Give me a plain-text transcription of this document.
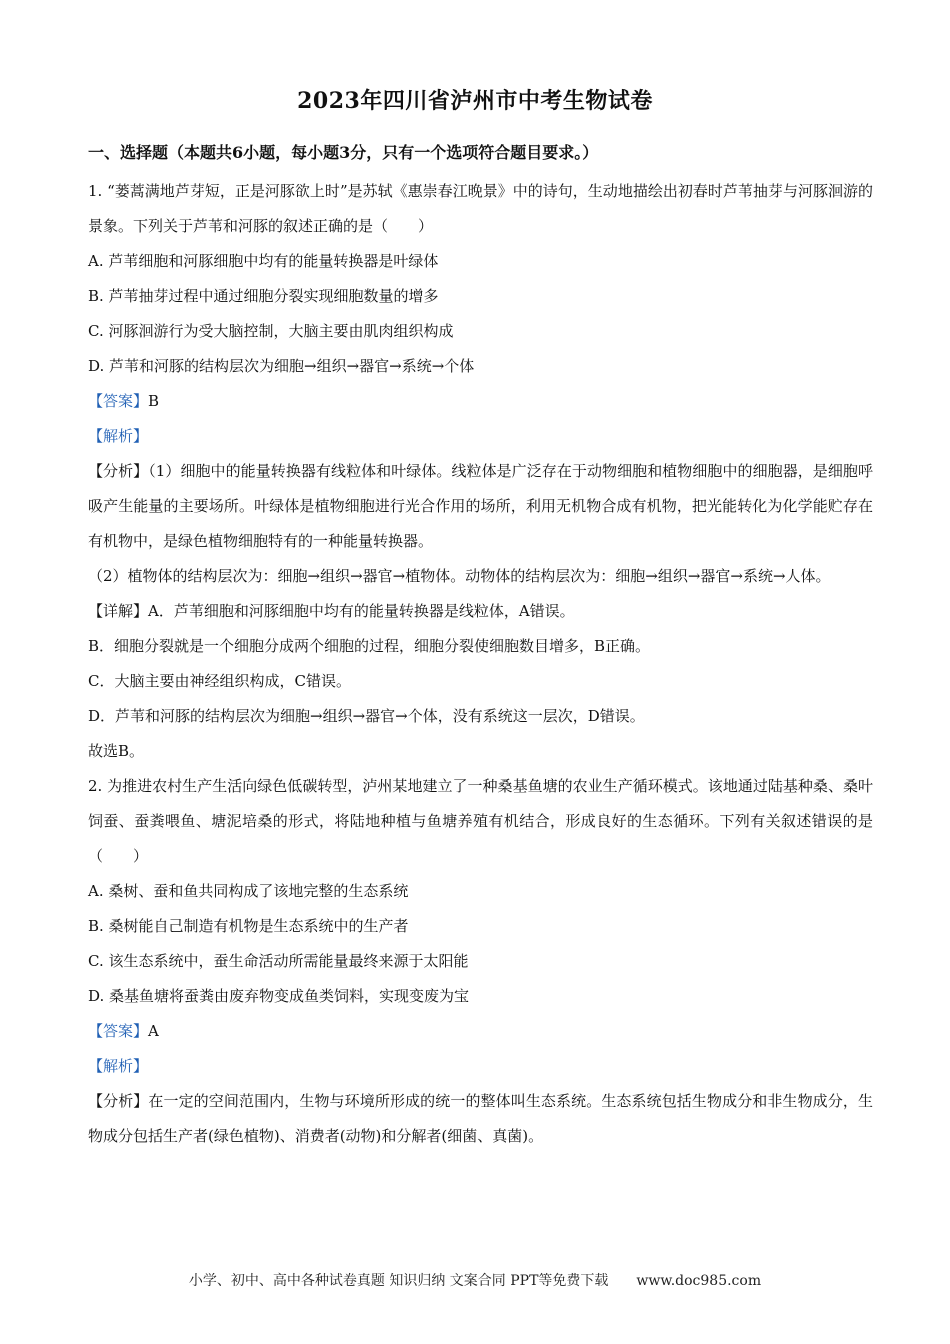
2023年四川省泸州市中考生物试卷
一、选择题（本题共6小题，每小题3分，只有一个选项符合题目要求。）

1. “蒌蒿满地芦芽短，正是河豚欲上时”是苏轼《惠崇春江晚景》中的诗句，生动地描绘出初春时芦苇抽芽与河豚洄游的景象。下列关于芦苇和河豚的叙述正确的是（　　）

A. 芦苇细胞和河豚细胞中均有的能量转换器是叶绿体

B. 芦苇抽芽过程中通过细胞分裂实现细胞数量的增多

C. 河豚洄游行为受大脑控制，大脑主要由肌肉组织构成

D. 芦苇和河豚的结构层次为细胞→组织→器官→系统→个体

【答案】B

【解析】

【分析】（1）细胞中的能量转换器有线粒体和叶绿体。线粒体是广泛存在于动物细胞和植物细胞中的细胞器，是细胞呼吸产生能量的主要场所。叶绿体是植物细胞进行光合作用的场所，利用无机物合成有机物，把光能转化为化学能贮存在有机物中，是绿色植物细胞特有的一种能量转换器。

（2）植物体的结构层次为：细胞→组织→器官→植物体。动物体的结构层次为：细胞→组织→器官→系统→人体。

【详解】A．芦苇细胞和河豚细胞中均有的能量转换器是线粒体，A错误。

B．细胞分裂就是一个细胞分成两个细胞的过程，细胞分裂使细胞数目增多，B正确。

C．大脑主要由神经组织构成，C错误。

D．芦苇和河豚的结构层次为细胞→组织→器官→个体，没有系统这一层次，D错误。

故选B。

2. 为推进农村生产生活向绿色低碳转型，泸州某地建立了一种桑基鱼塘的农业生产循环模式。该地通过陆基种桑、桑叶饲蚕、蚕粪喂鱼、塘泥培桑的形式，将陆地种植与鱼塘养殖有机结合，形成良好的生态循环。下列有关叙述错误的是（　　）

A. 桑树、蚕和鱼共同构成了该地完整的生态系统

B. 桑树能自己制造有机物是生态系统中的生产者

C. 该生态系统中，蚕生命活动所需能量最终来源于太阳能

D. 桑基鱼塘将蚕粪由废弃物变成鱼类饲料，实现变废为宝

【答案】A

【解析】

【分析】在一定的空间范围内，生物与环境所形成的统一的整体叫生态系统。生态系统包括生物成分和非生物成分，生物成分包括生产者(绿色植物)、消费者(动物)和分解者(细菌、真菌)。

小学、初中、高中各种试卷真题 知识归纳 文案合同 PPT等免费下载　　www.doc985.com
